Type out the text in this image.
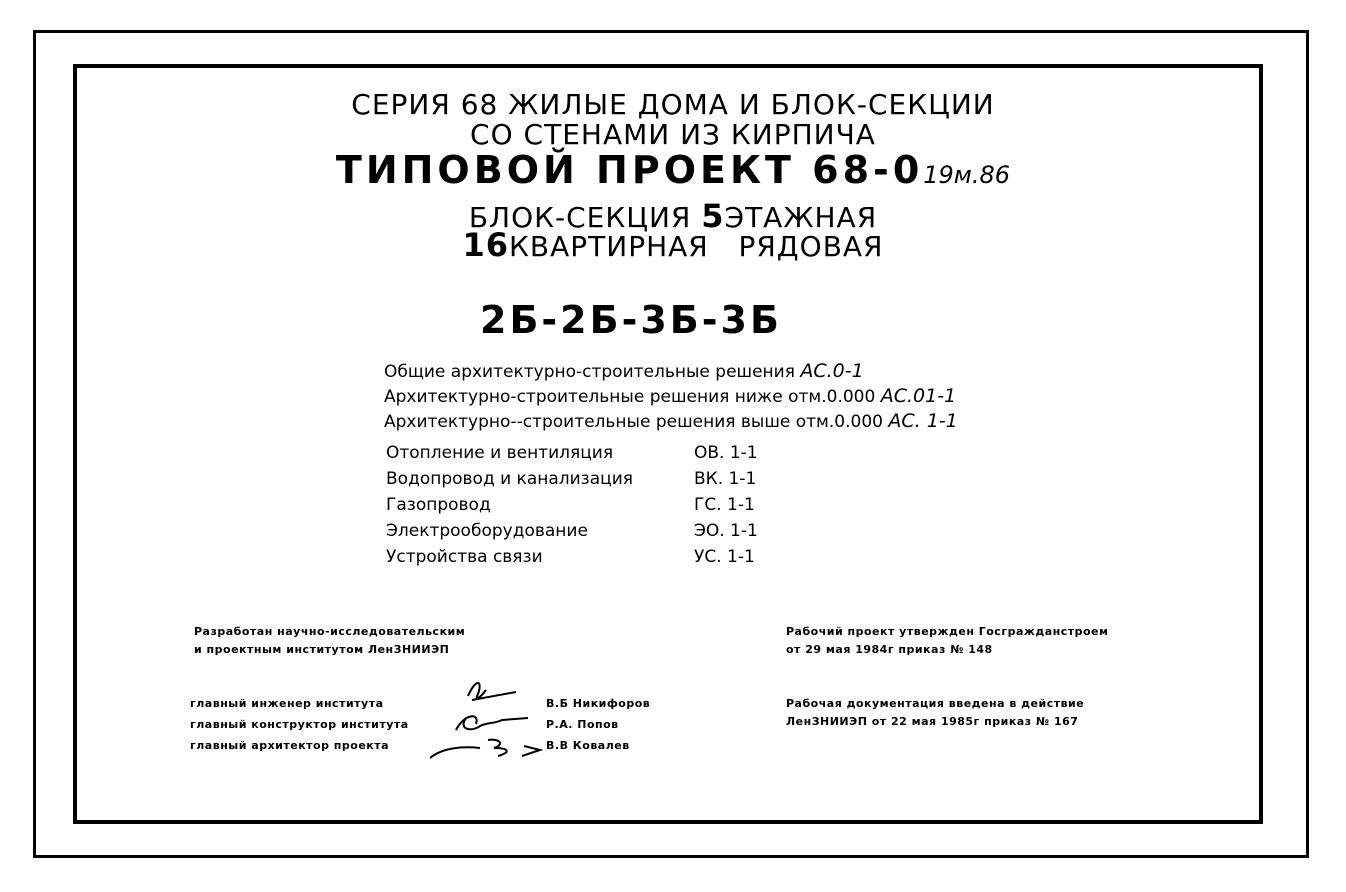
СЕРИЯ 68 ЖИЛЫЕ ДОМА И БЛОК-СЕКЦИИ
СО СТЕНАМИ ИЗ КИРПИЧА
ТИПОВОЙ ПРОЕКТ 68-019м.86
БЛОК-СЕКЦИЯ 5ЭТАЖНАЯ
16КВАРТИРНАЯ   РЯДОВАЯ
2Б-2Б-3Б-3Б
Общие архитектурно-строительные решения АС.0-1
Архитектурно-строительные решения ниже отм.0.000 АС.01-1
Архитектурно--строительные решения выше отм.0.000 АС. 1-1
Отопление и вентиляция	ОВ. 1-1
Водопровод и канализация	ВК. 1-1
Газопровод	ГС. 1-1
Электрооборудование	ЭО. 1-1
Устройства связи	УС. 1-1
Разработан научно-исследовательским
и проектным институтом ЛенЗНИИЭП
Рабочий проект утвержден Госгражданстроем
от 29 мая 1984г приказ № 148
Рабочая документация введена в действие
ЛенЗНИИЭП от 22 мая 1985г приказ № 167
главный инженер института	В.Б Никифоров
главный конструктор института	Р.А. Попов
главный архитектор проекта	В.В Ковалев
